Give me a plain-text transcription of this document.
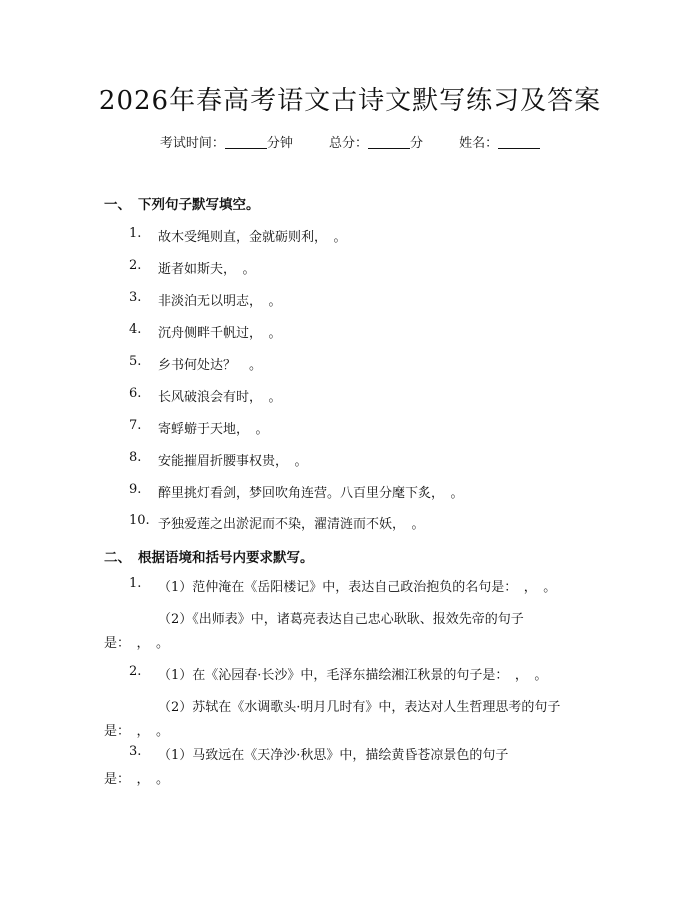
2026年春高考语文古诗文默写练习及答案
考试时间：	分钟	总分：	分	姓名：
一、 下列句子默写填空。
1. 故木受绳则直，金就砺则利，　。
2. 逝者如斯夫，　。
3. 非淡泊无以明志，　。
4. 沉舟侧畔千帆过，　。
5. 乡书何处达？　。
6. 长风破浪会有时，　。
7. 寄蜉蝣于天地，　。
8. 安能摧眉折腰事权贵，　。
9. 醉里挑灯看剑，梦回吹角连营。八百里分麾下炙，　。
10. 予独爱莲之出淤泥而不染，濯清涟而不妖，　。
二、 根据语境和括号内要求默写。
1. （1）范仲淹在《岳阳楼记》中，表达自己政治抱负的名句是：　，　。
（2）《出师表》中，诸葛亮表达自己忠心耿耿、报效先帝的句子
是：　，　。
2. （1）在《沁园春·长沙》中，毛泽东描绘湘江秋景的句子是：　，　。
（2）苏轼在《水调歌头·明月几时有》中，表达对人生哲理思考的句子
是：　，　。
3. （1）马致远在《天净沙·秋思》中，描绘黄昏苍凉景色的句子
是：　，　。
